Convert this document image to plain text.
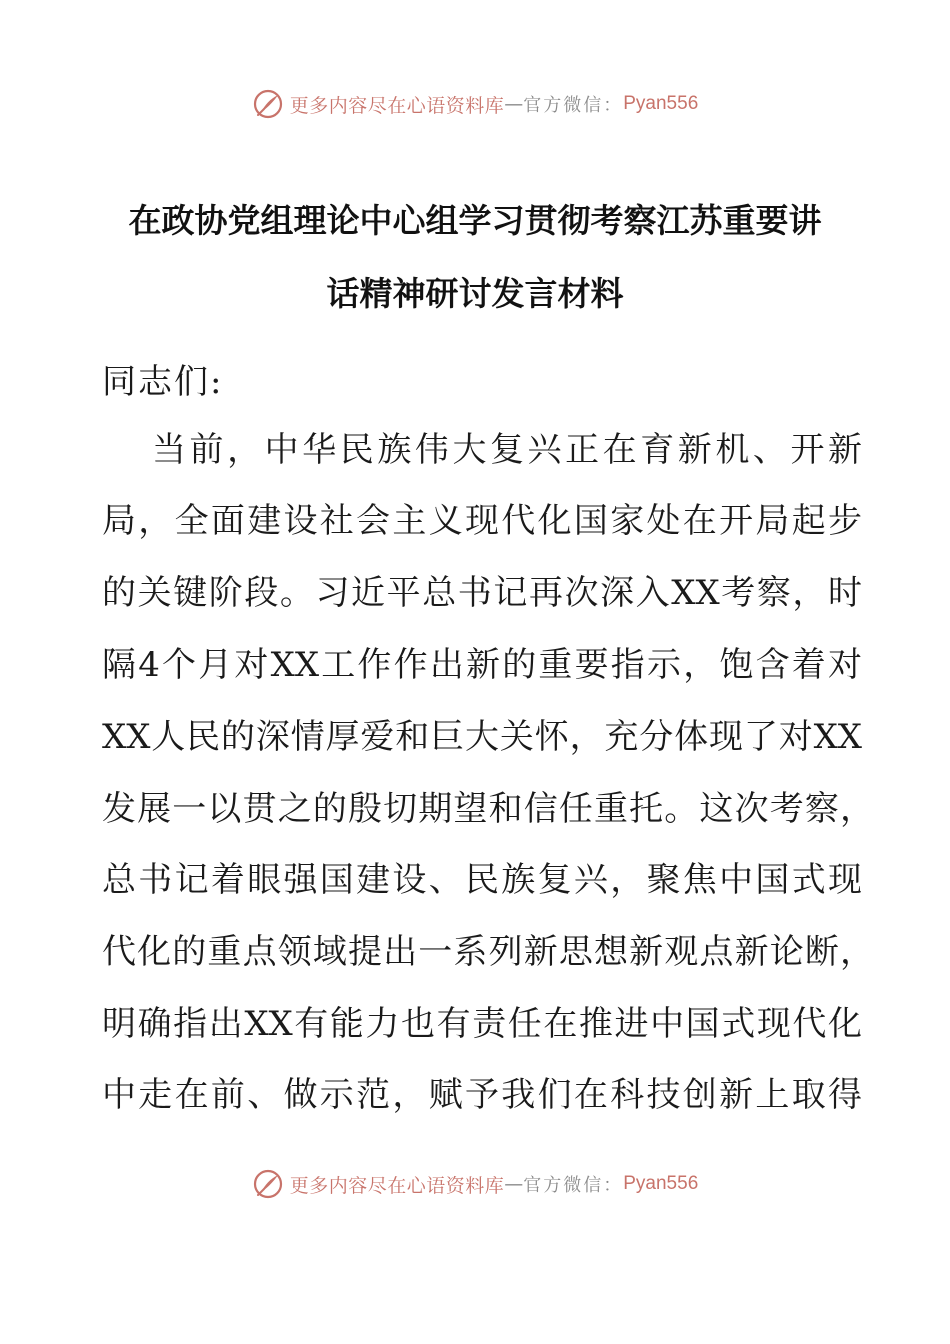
更多内容尽在心语资料库 — 官方微信： Pyan556
在政协党组理论中心组学习贯彻考察江苏重要讲
话精神研讨发言材料
同志们:
当前，中华民族伟大复兴正在育新机、开新
局，全面建设社会主义现代化国家处在开局起步
的关键阶段。习近平总书记再次深入XX考察，时
隔4个月对XX工作作出新的重要指示，饱含着对
XX人民的深情厚爱和巨大关怀，充分体现了对XX
发展一以贯之的殷切期望和信任重托。这次考察，
总书记着眼强国建设、民族复兴，聚焦中国式现
代化的重点领域提出一系列新思想新观点新论断，
明确指出XX有能力也有责任在推进中国式现代化
中走在前、做示范，赋予我们在科技创新上取得
更多内容尽在心语资料库 — 官方微信： Pyan556
